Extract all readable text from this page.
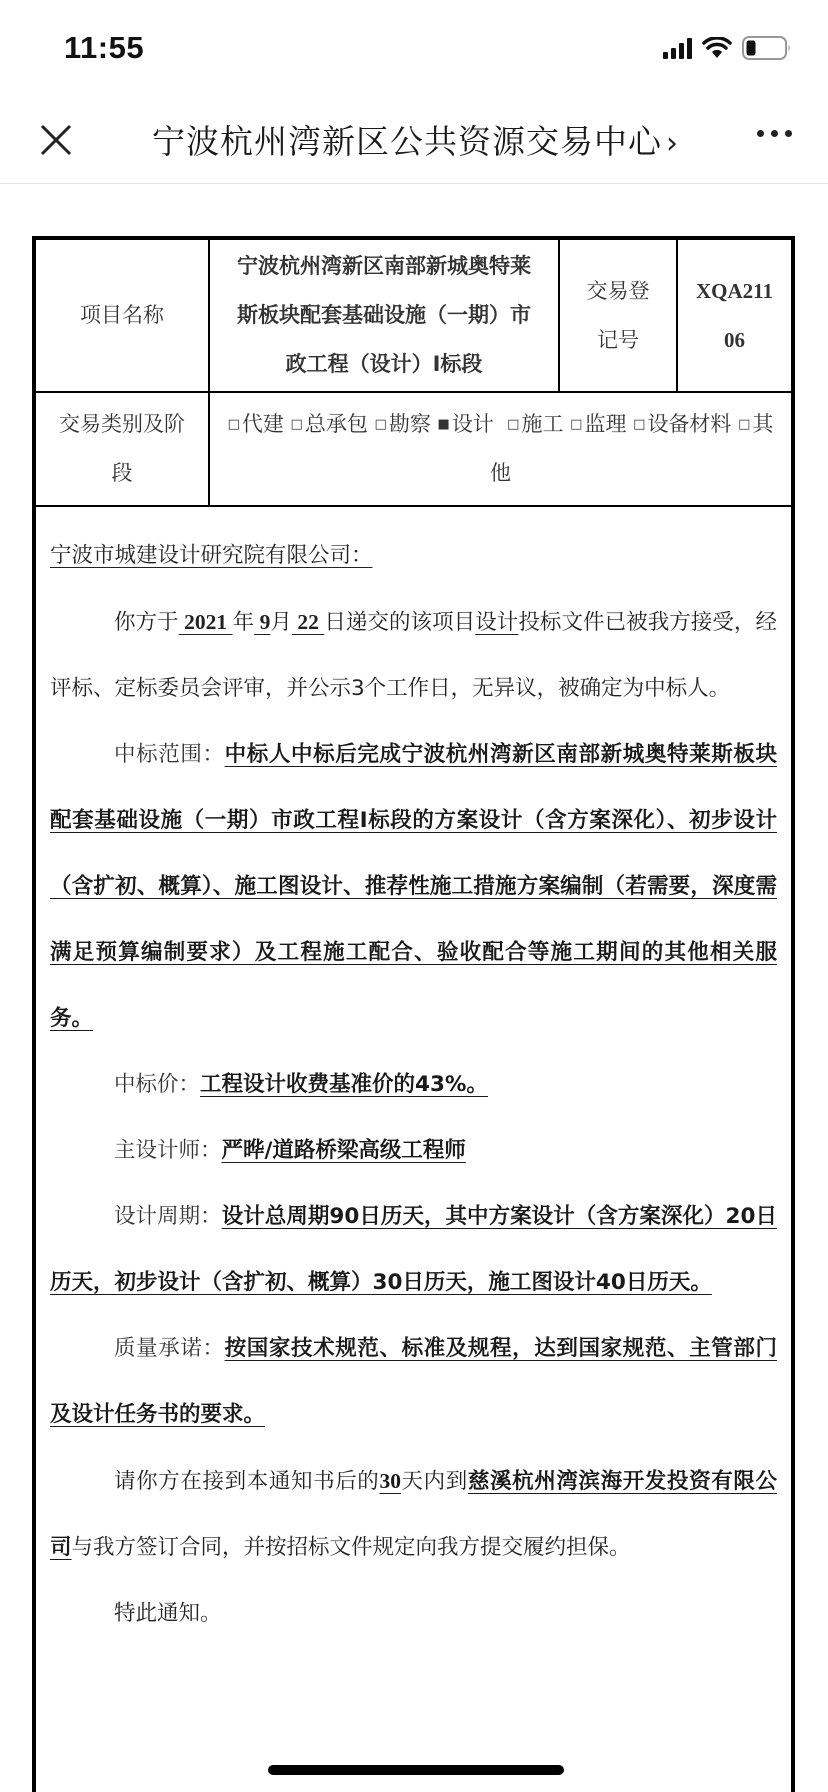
11:55
宁波杭州湾新区公共资源交易中心 ›
项目名称	宁波杭州湾新区南部新城奥特莱斯板块配套基础设施（一期）市政工程（设计）I标段	交易登记号	XQA21106
交易类别及阶段	□代建 □总承包 □勘察 ■设计 □施工 □监理 □设备材料 □其他		
宁波市城建设计研究院有限公司：
你方于 2021 年 9月 22 日递交的该项目设计投标文件已被我方接受，经评标、定标委员会评审，并公示3个工作日，无异议，被确定为中标人。
中标范围：中标人中标后完成宁波杭州湾新区南部新城奥特莱斯板块配套基础设施（一期）市政工程I标段的方案设计（含方案深化）、初步设计（含扩初、概算）、施工图设计、推荐性施工措施方案编制（若需要，深度需满足预算编制要求）及工程施工配合、验收配合等施工期间的其他相关服务。
中标价：工程设计收费基准价的43%。
主设计师：严晔/道路桥梁高级工程师
设计周期：设计总周期90日历天，其中方案设计（含方案深化）20日历天，初步设计（含扩初、概算）30日历天，施工图设计40日历天。
质量承诺：按国家技术规范、标准及规程，达到国家规范、主管部门及设计任务书的要求。
请你方在接到本通知书后的30天内到慈溪杭州湾滨海开发投资有限公司与我方签订合同，并按招标文件规定向我方提交履约担保。
特此通知。
